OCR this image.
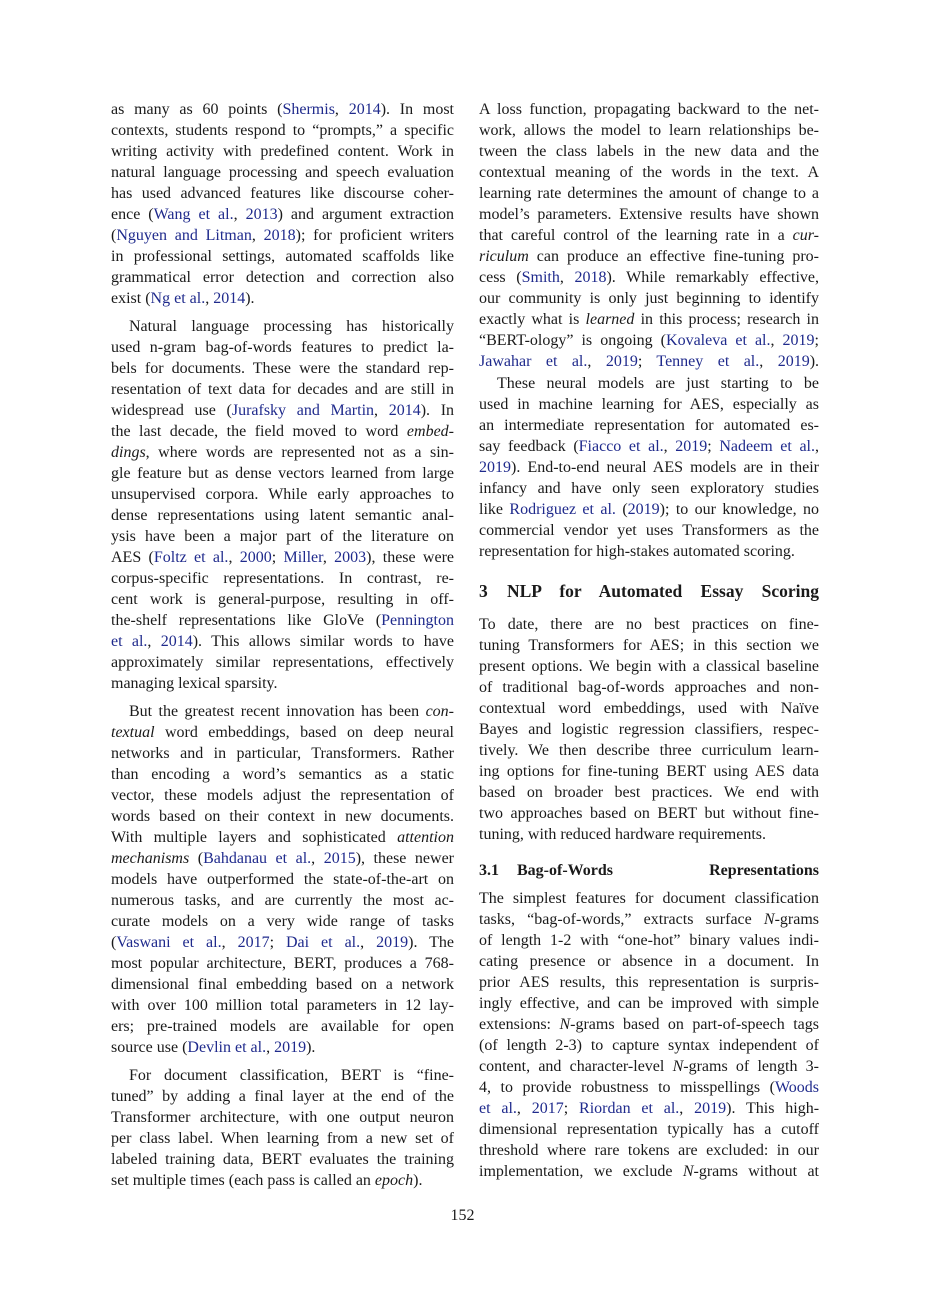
as many as 60 points (Shermis, 2014). In most
contexts, students respond to “prompts,” a specific
writing activity with predefined content. Work in
natural language processing and speech evaluation
has used advanced features like discourse coher-
ence (Wang et al., 2013) and argument extraction
(Nguyen and Litman, 2018); for proficient writers
in professional settings, automated scaffolds like
grammatical error detection and correction also
exist (Ng et al., 2014).
Natural language processing has historically
used n-gram bag-of-words features to predict la-
bels for documents. These were the standard rep-
resentation of text data for decades and are still in
widespread use (Jurafsky and Martin, 2014). In
the last decade, the field moved to word embed-
dings, where words are represented not as a sin-
gle feature but as dense vectors learned from large
unsupervised corpora. While early approaches to
dense representations using latent semantic anal-
ysis have been a major part of the literature on
AES (Foltz et al., 2000; Miller, 2003), these were
corpus-specific representations. In contrast, re-
cent work is general-purpose, resulting in off-
the-shelf representations like GloVe (Pennington
et al., 2014). This allows similar words to have
approximately similar representations, effectively
managing lexical sparsity.
But the greatest recent innovation has been con-
textual word embeddings, based on deep neural
networks and in particular, Transformers. Rather
than encoding a word’s semantics as a static
vector, these models adjust the representation of
words based on their context in new documents.
With multiple layers and sophisticated attention
mechanisms (Bahdanau et al., 2015), these newer
models have outperformed the state-of-the-art on
numerous tasks, and are currently the most ac-
curate models on a very wide range of tasks
(Vaswani et al., 2017; Dai et al., 2019). The
most popular architecture, BERT, produces a 768-
dimensional final embedding based on a network
with over 100 million total parameters in 12 lay-
ers; pre-trained models are available for open
source use (Devlin et al., 2019).
For document classification, BERT is “fine-
tuned” by adding a final layer at the end of the
Transformer architecture, with one output neuron
per class label. When learning from a new set of
labeled training data, BERT evaluates the training
set multiple times (each pass is called an epoch).
A loss function, propagating backward to the net-
work, allows the model to learn relationships be-
tween the class labels in the new data and the
contextual meaning of the words in the text. A
learning rate determines the amount of change to a
model’s parameters. Extensive results have shown
that careful control of the learning rate in a cur-
riculum can produce an effective fine-tuning pro-
cess (Smith, 2018). While remarkably effective,
our community is only just beginning to identify
exactly what is learned in this process; research in
“BERT-ology” is ongoing (Kovaleva et al., 2019;
Jawahar et al., 2019; Tenney et al., 2019).
These neural models are just starting to be
used in machine learning for AES, especially as
an intermediate representation for automated es-
say feedback (Fiacco et al., 2019; Nadeem et al.,
2019). End-to-end neural AES models are in their
infancy and have only seen exploratory studies
like Rodriguez et al. (2019); to our knowledge, no
commercial vendor yet uses Transformers as the
representation for high-stakes automated scoring.
3 NLP for Automated Essay Scoring
To date, there are no best practices on fine-
tuning Transformers for AES; in this section we
present options. We begin with a classical baseline
of traditional bag-of-words approaches and non-
contextual word embeddings, used with Naïve
Bayes and logistic regression classifiers, respec-
tively. We then describe three curriculum learn-
ing options for fine-tuning BERT using AES data
based on broader best practices. We end with
two approaches based on BERT but without fine-
tuning, with reduced hardware requirements.
3.1 Bag-of-Words Representations
The simplest features for document classification
tasks, “bag-of-words,” extracts surface N-grams
of length 1-2 with “one-hot” binary values indi-
cating presence or absence in a document. In
prior AES results, this representation is surpris-
ingly effective, and can be improved with simple
extensions: N-grams based on part-of-speech tags
(of length 2-3) to capture syntax independent of
content, and character-level N-grams of length 3-
4, to provide robustness to misspellings (Woods
et al., 2017; Riordan et al., 2019). This high-
dimensional representation typically has a cutoff
threshold where rare tokens are excluded: in our
implementation, we exclude N-grams without at
152
